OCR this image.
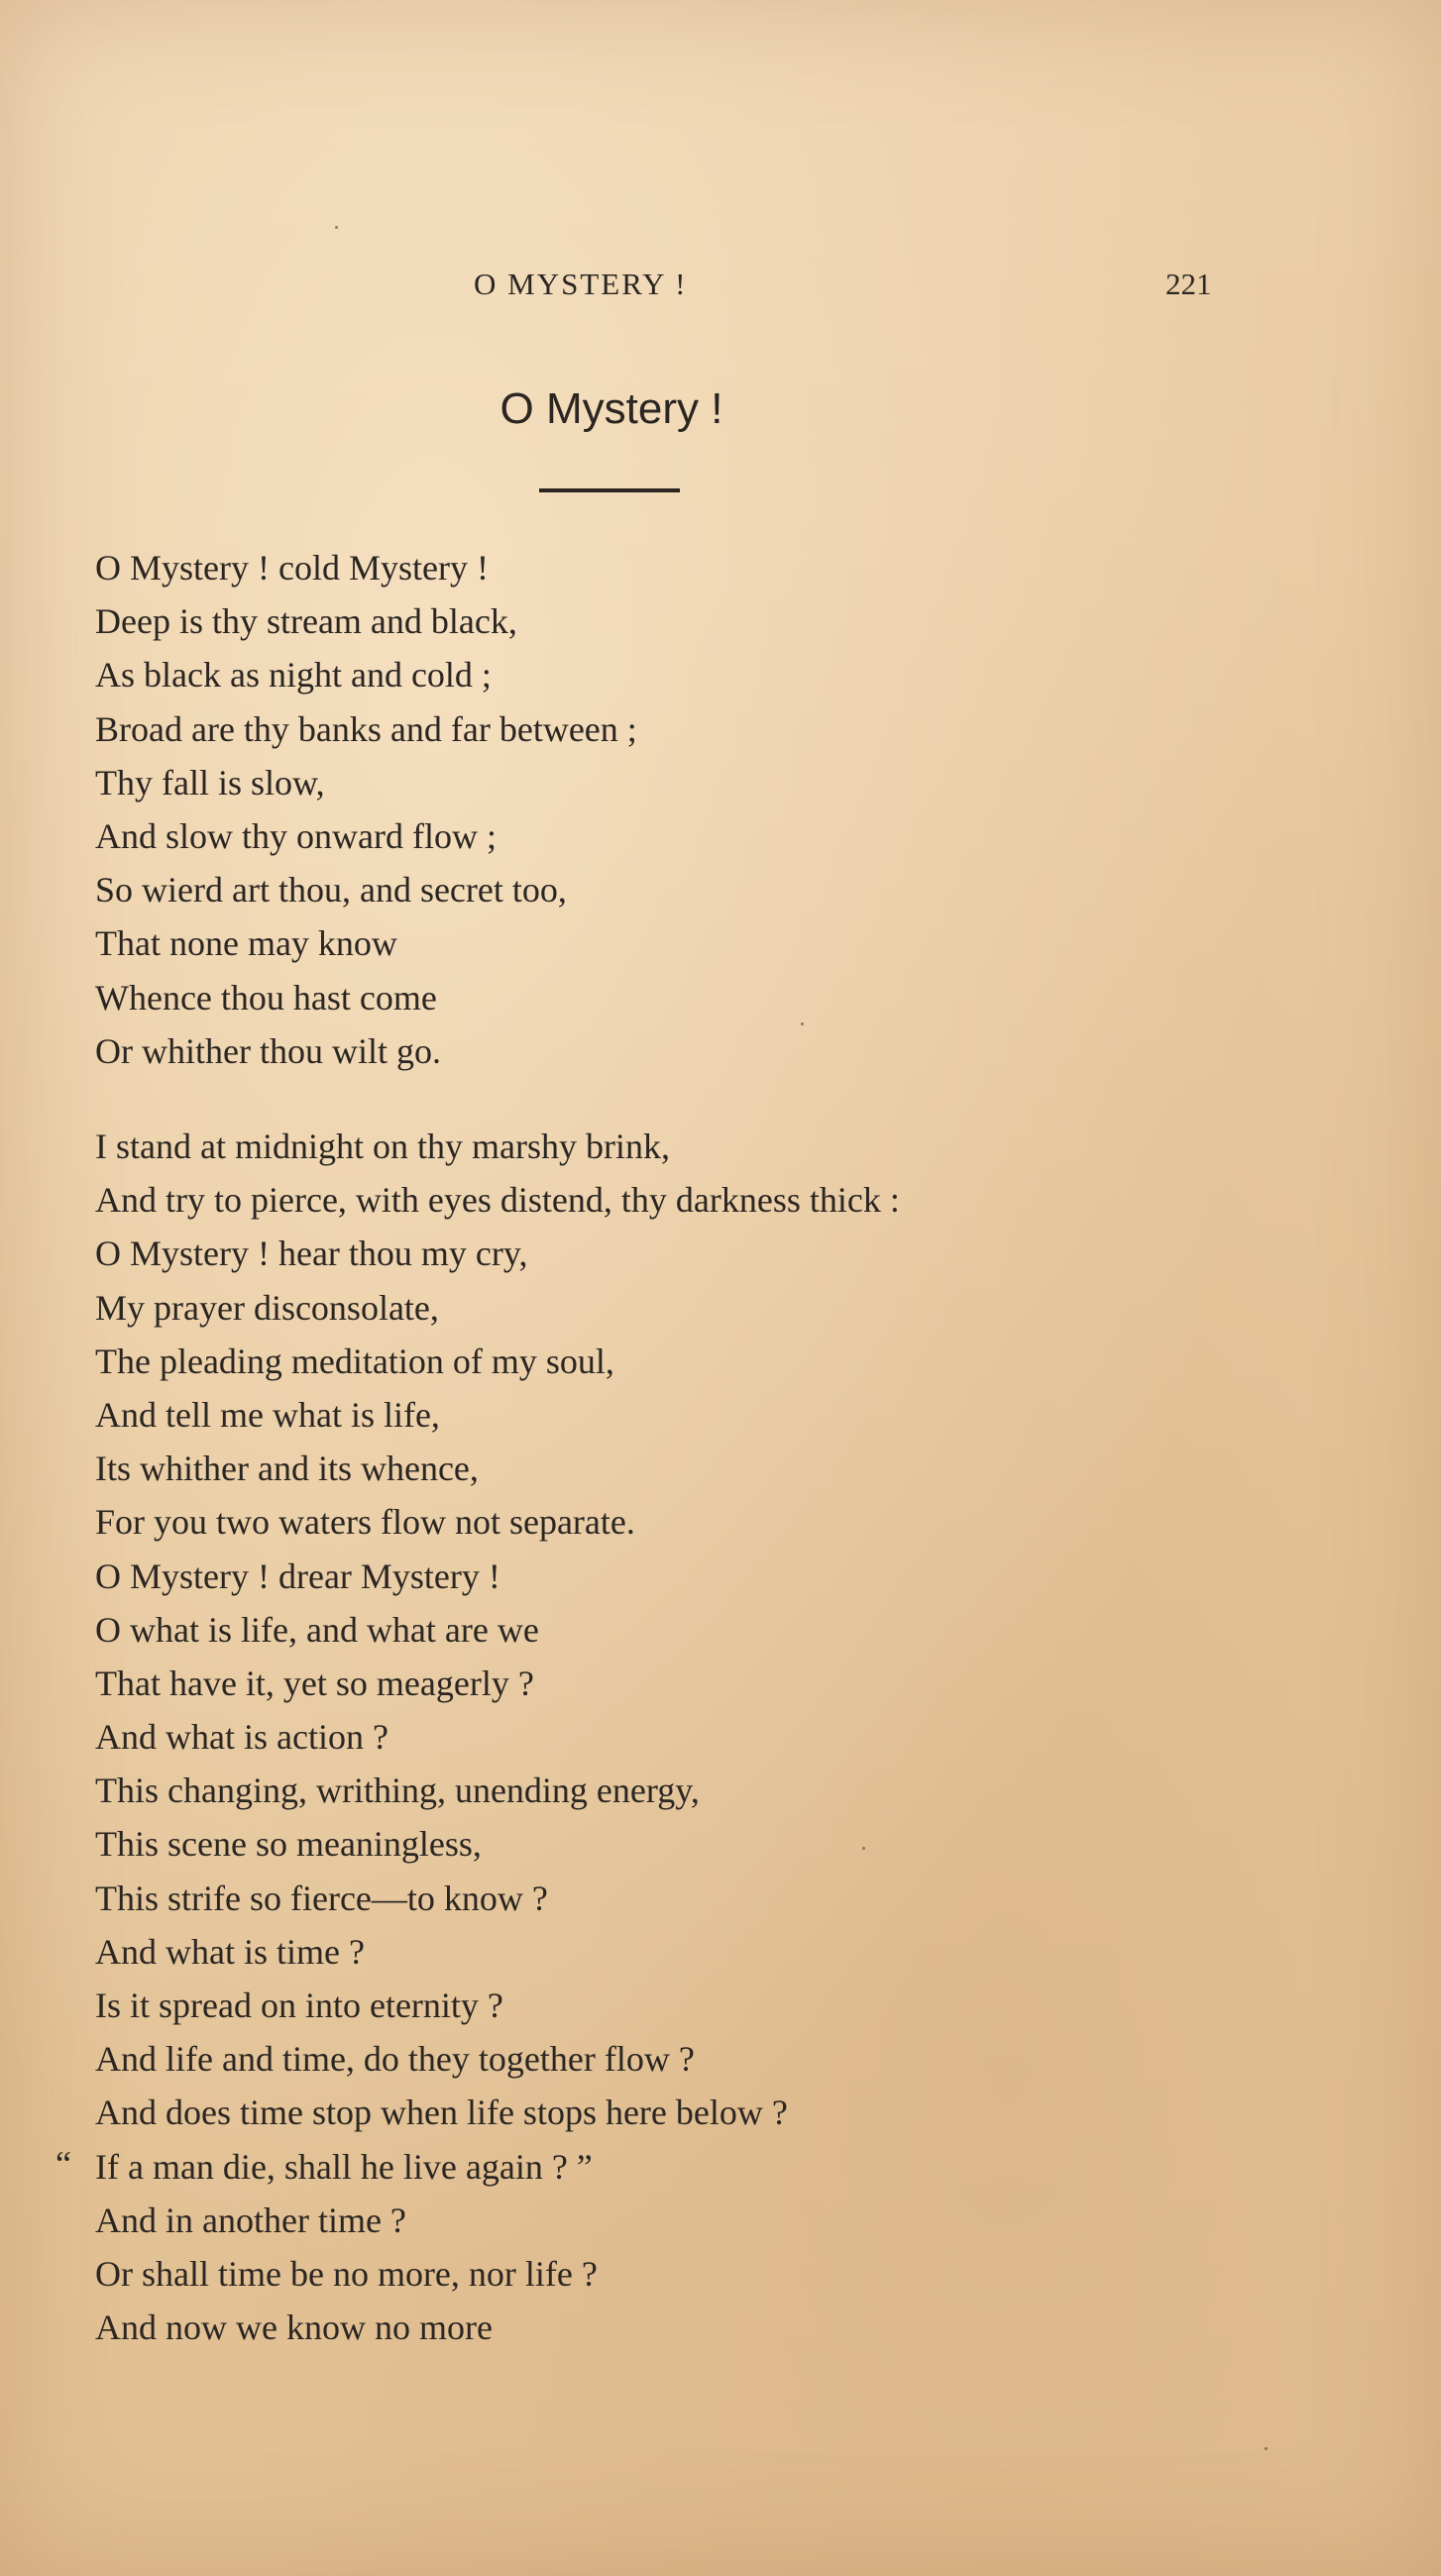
O MYSTERY !	221
O Mystery !
O Mystery ! cold Mystery !
Deep is thy stream and black,
As black as night and cold ;
Broad are thy banks and far between ;
Thy fall is slow,
And slow thy onward flow ;
So wierd art thou, and secret too,
That none may know
Whence thou hast come
Or whither thou wilt go.
I stand at midnight on thy marshy brink,
And try to pierce, with eyes distend, thy darkness thick :
O Mystery ! hear thou my cry,
My prayer disconsolate,
The pleading meditation of my soul,
And tell me what is life,
Its whither and its whence,
For you two waters flow not separate.
O Mystery ! drear Mystery !
O what is life, and what are we
That have it, yet so meagerly ?
And what is action ?
This changing, writhing, unending energy,
This scene so meaningless,
This strife so fierce—to know ?
And what is time ?
Is it spread on into eternity ?
And life and time, do they together flow ?
And does time stop when life stops here below ?
If a man die, shall he live again ? ”
And in another time ?
Or shall time be no more, nor life ?
And now we know no more
“
